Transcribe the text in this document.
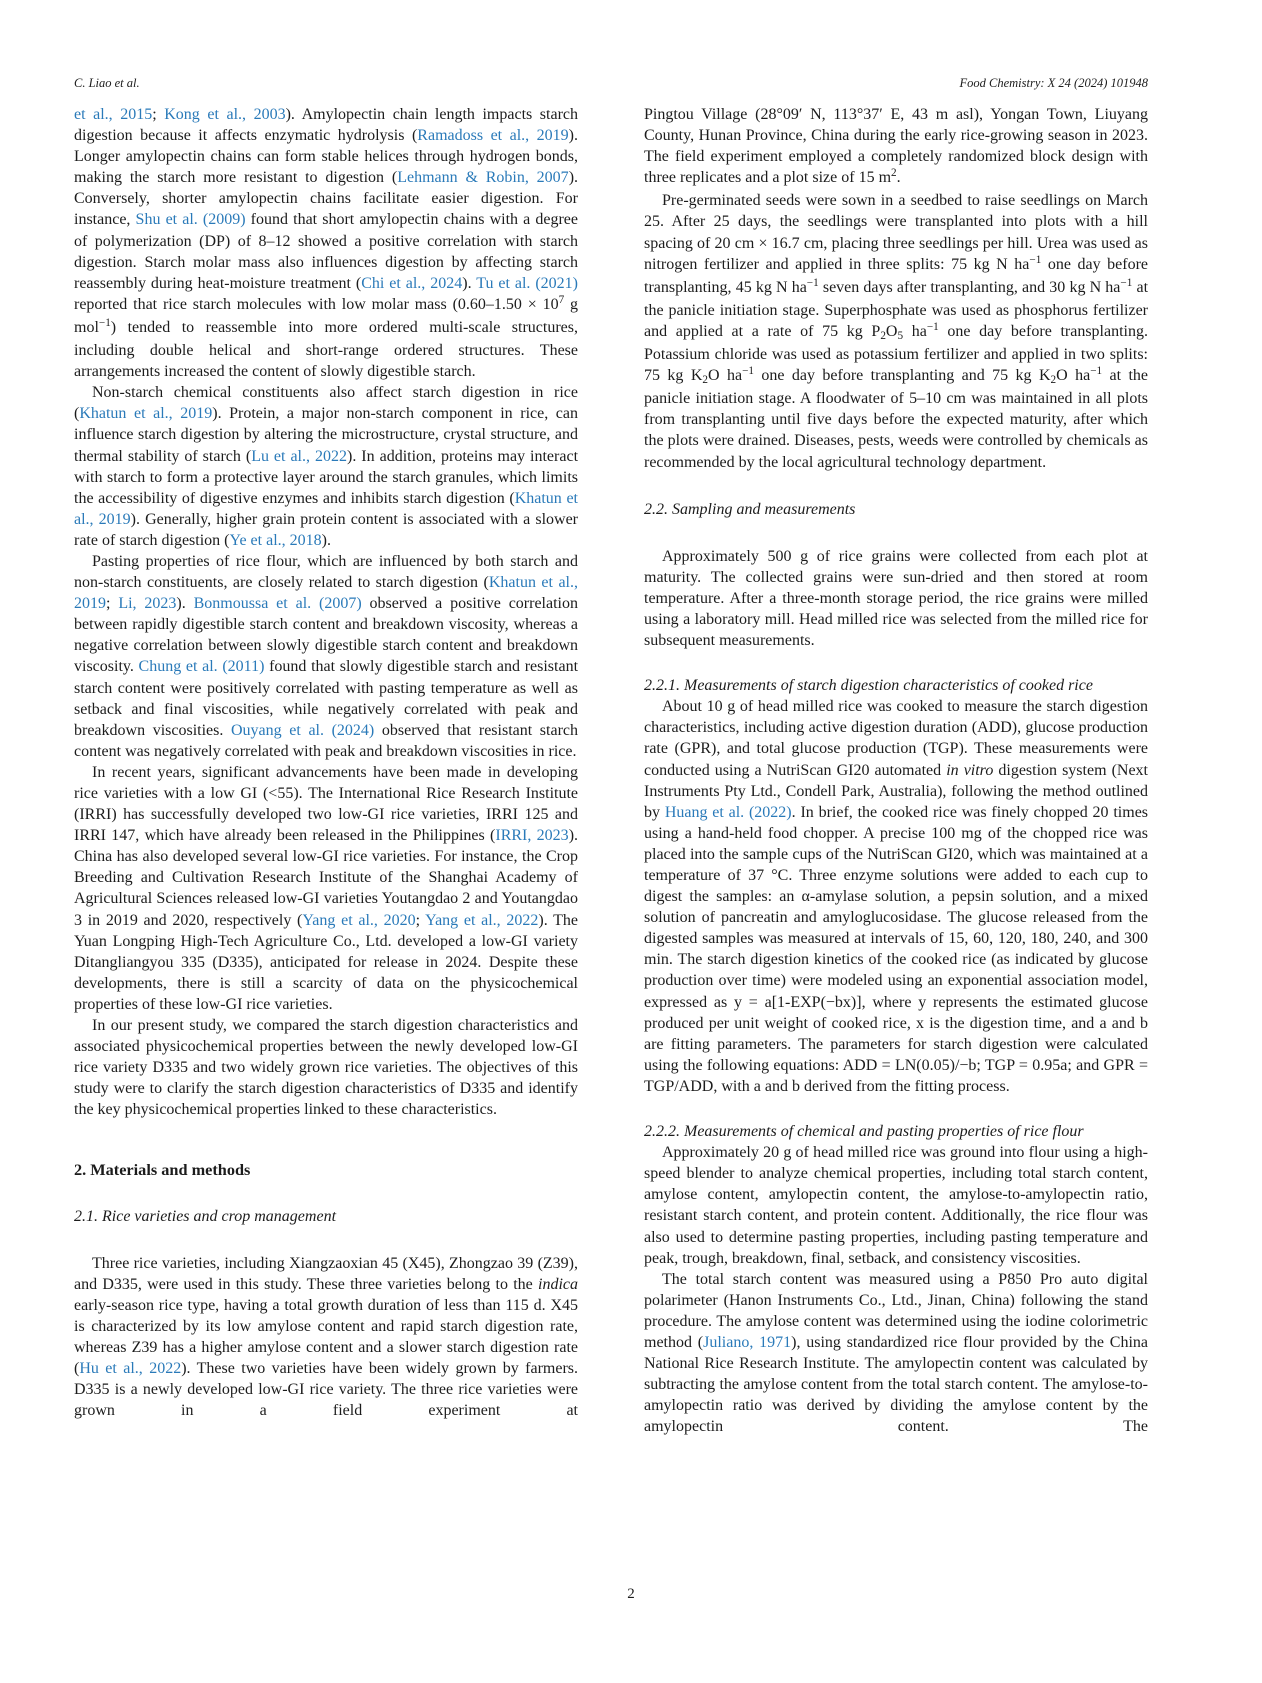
C. Liao et al.	Food Chemistry: X 24 (2024) 101948

et al., 2015; Kong et al., 2003). Amylopectin chain length impacts starch digestion because it affects enzymatic hydrolysis (Ramadoss et al., 2019). Longer amylopectin chains can form stable helices through hydrogen bonds, making the starch more resistant to digestion (Lehmann & Robin, 2007). Conversely, shorter amylopectin chains facilitate easier digestion. For instance, Shu et al. (2009) found that short amylopectin chains with a degree of polymerization (DP) of 8–12 showed a positive correlation with starch digestion. Starch molar mass also influences digestion by affecting starch reassembly during heat-moisture treatment (Chi et al., 2024). Tu et al. (2021) reported that rice starch molecules with low molar mass ($0.60-1.50 \times 10^7$ g mol$^{-1}$) tended to reassemble into more ordered multi-scale structures, including double helical and short-range ordered structures. These arrangements increased the content of slowly digestible starch.

Non-starch chemical constituents also affect starch digestion in rice (Khatun et al., 2019). Protein, a major non-starch component in rice, can influence starch digestion by altering the microstructure, crystal structure, and thermal stability of starch (Lu et al., 2022). In addition, proteins may interact with starch to form a protective layer around the starch granules, which limits the accessibility of digestive enzymes and inhibits starch digestion (Khatun et al., 2019). Generally, higher grain protein content is associated with a slower rate of starch digestion (Ye et al., 2018).

Pasting properties of rice flour, which are influenced by both starch and non-starch constituents, are closely related to starch digestion (Khatun et al., 2019; Li, 2023). Bonmoussa et al. (2007) observed a positive correlation between rapidly digestible starch content and breakdown viscosity, whereas a negative correlation between slowly digestible starch content and breakdown viscosity. Chung et al. (2011) found that slowly digestible starch and resistant starch content were positively correlated with pasting temperature as well as setback and final viscosities, while negatively correlated with peak and breakdown viscosities. Ouyang et al. (2024) observed that resistant starch content was negatively correlated with peak and breakdown viscosities in rice.

In recent years, significant advancements have been made in developing rice varieties with a low GI (<55). The International Rice Research Institute (IRRI) has successfully developed two low-GI rice varieties, IRRI 125 and IRRI 147, which have already been released in the Philippines (IRRI, 2023). China has also developed several low-GI rice varieties. For instance, the Crop Breeding and Cultivation Research Institute of the Shanghai Academy of Agricultural Sciences released low-GI varieties Youtangdao 2 and Youtangdao 3 in 2019 and 2020, respectively (Yang et al., 2020; Yang et al., 2022). The Yuan Longping High-Tech Agriculture Co., Ltd. developed a low-GI variety Ditangliangyou 335 (D335), anticipated for release in 2024. Despite these developments, there is still a scarcity of data on the physicochemical properties of these low-GI rice varieties.

In our present study, we compared the starch digestion characteristics and associated physicochemical properties between the newly developed low-GI rice variety D335 and two widely grown rice varieties. The objectives of this study were to clarify the starch digestion characteristics of D335 and identify the key physicochemical properties linked to these characteristics.

2. Materials and methods
2.1. Rice varieties and crop management

Three rice varieties, including Xiangzaoxian 45 (X45), Zhongzao 39 (Z39), and D335, were used in this study. These three varieties belong to the indica early-season rice type, having a total growth duration of less than 115 d. X45 is characterized by its low amylose content and rapid starch digestion rate, whereas Z39 has a higher amylose content and a slower starch digestion rate (Hu et al., 2022). These two varieties have been widely grown by farmers. D335 is a newly developed low-GI rice variety. The three rice varieties were grown in a field experiment at

Pingtou Village (28°09′ N, 113°37′ E, 43 m asl), Yongan Town, Liuyang County, Hunan Province, China during the early rice-growing season in 2023. The field experiment employed a completely randomized block design with three replicates and a plot size of 15 $m^2$.

Pre-germinated seeds were sown in a seedbed to raise seedlings on March 25. After 25 days, the seedlings were transplanted into plots with a hill spacing of 20 cm × 16.7 cm, placing three seedlings per hill. Urea was used as nitrogen fertilizer and applied in three splits: 75 kg N $ha^{-1}$ one day before transplanting, 45 kg N $ha^{-1}$ seven days after transplanting, and 30 kg N $ha^{-1}$ at the panicle initiation stage. Superphosphate was used as phosphorus fertilizer and applied at a rate of 75 kg P2O5 $ha^{-1}$ one day before transplanting. Potassium chloride was used as potassium fertilizer and applied in two splits: 75 kg K2O $ha^{-1}$ one day before transplanting and 75 kg K2O $ha^{-1}$ at the panicle initiation stage. A floodwater of 5–10 cm was maintained in all plots from transplanting until five days before the expected maturity, after which the plots were drained. Diseases, pests, weeds were controlled by chemicals as recommended by the local agricultural technology department.

2.2. Sampling and measurements

Approximately 500 g of rice grains were collected from each plot at maturity. The collected grains were sun-dried and then stored at room temperature. After a three-month storage period, the rice grains were milled using a laboratory mill. Head milled rice was selected from the milled rice for subsequent measurements.

2.2.1. Measurements of starch digestion characteristics of cooked rice

About 10 g of head milled rice was cooked to measure the starch digestion characteristics, including active digestion duration (ADD), glucose production rate (GPR), and total glucose production (TGP). These measurements were conducted using a NutriScan GI20 automated in vitro digestion system (Next Instruments Pty Ltd., Condell Park, Australia), following the method outlined by Huang et al. (2022). In brief, the cooked rice was finely chopped 20 times using a hand-held food chopper. A precise 100 mg of the chopped rice was placed into the sample cups of the NutriScan GI20, which was maintained at a temperature of 37 °C. Three enzyme solutions were added to each cup to digest the samples: an α-amylase solution, a pepsin solution, and a mixed solution of pancreatin and amyloglucosidase. The glucose released from the digested samples was measured at intervals of 15, 60, 120, 180, 240, and 300 min. The starch digestion kinetics of the cooked rice (as indicated by glucose production over time) were modeled using an exponential association model, expressed as y = a[1-EXP(−bx)], where y represents the estimated glucose produced per unit weight of cooked rice, x is the digestion time, and a and b are fitting parameters. The parameters for starch digestion were calculated using the following equations: ADD = LN(0.05)/−b; TGP = 0.95a; and GPR = TGP/ADD, with a and b derived from the fitting process.

2.2.2. Measurements of chemical and pasting properties of rice flour

Approximately 20 g of head milled rice was ground into flour using a high-speed blender to analyze chemical properties, including total starch content, amylose content, amylopectin content, the amylose-to-amylopectin ratio, resistant starch content, and protein content. Additionally, the rice flour was also used to determine pasting properties, including pasting temperature and peak, trough, breakdown, final, setback, and consistency viscosities.

The total starch content was measured using a P850 Pro auto digital polarimeter (Hanon Instruments Co., Ltd., Jinan, China) following the stand procedure. The amylose content was determined using the iodine colorimetric method (Juliano, 1971), using standardized rice flour provided by the China National Rice Research Institute. The amylopectin content was calculated by subtracting the amylose content from the total starch content. The amylose-to-amylopectin ratio was derived by dividing the amylose content by the amylopectin content. The

2
